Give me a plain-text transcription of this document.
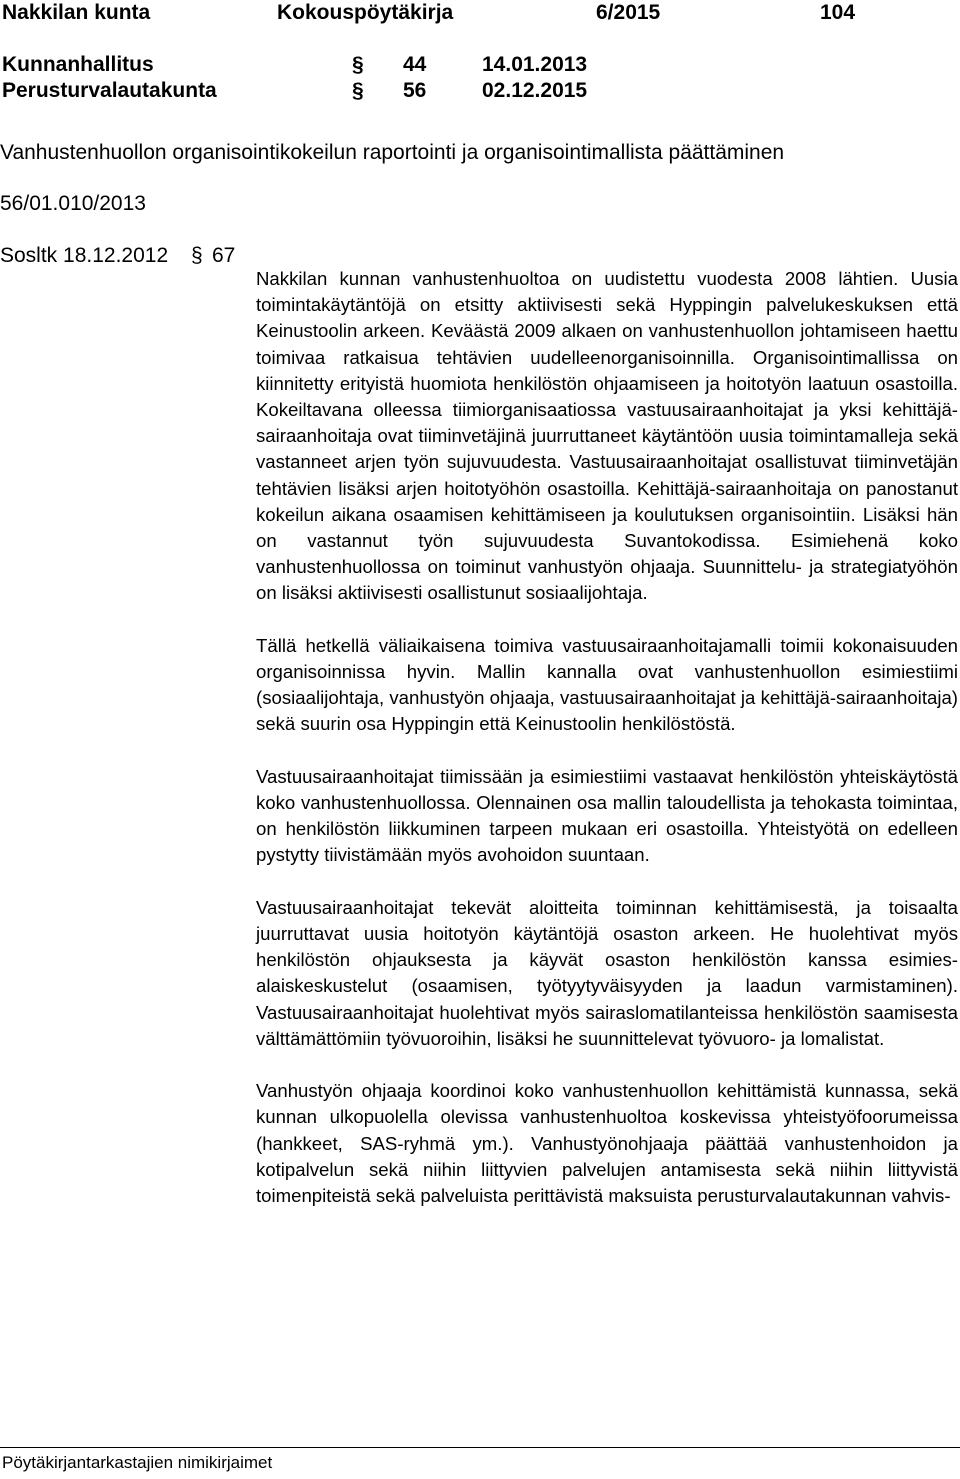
Nakkilan kunta	Kokouspöytäkirja	6/2015	104
Kunnanhallitus	§ 44	14.01.2013
Perusturvalautakunta	§ 56	02.12.2015
Vanhustenhuollon organisointikokeilun raportointi ja organisointimallista päättäminen
56/01.010/2013
Sosltk 18.12.2012 § 67

Nakkilan kunnan vanhustenhuoltoa on uudistettu vuodesta 2008 lähtien. Uusia toimintakäytäntöjä on etsitty aktiivisesti sekä Hyppingin palvelukeskuksen että Keinustoolin arkeen. Keväästä 2009 alkaen on vanhustenhuollon johtamiseen haettu toimivaa ratkaisua tehtävien uudelleenorganisoinnilla. Organisointimallissa on kiinnitetty erityistä huomiota henkilöstön ohjaamiseen ja hoitotyön laatuun osastoilla. Kokeiltavana olleessa tiimiorganisaatiossa vastuusairaanhoitajat ja yksi kehittäjä-sairaanhoitaja ovat tiiminvetäjinä juurruttaneet käytäntöön uusia toimintamalleja sekä vastanneet arjen työn sujuvuudesta. Vastuusairaanhoitajat osallistuvat tiiminvetäjän tehtävien lisäksi arjen hoitotyöhön osastoilla. Kehittäjä-sairaanhoitaja on panostanut kokeilun aikana osaamisen kehittämiseen ja koulutuksen organisointiin. Lisäksi hän on vastannut työn sujuvuudesta Suvantokodissa. Esimiehenä koko vanhustenhuollossa on toiminut vanhustyön ohjaaja. Suunnittelu- ja strategiatyöhön on lisäksi aktiivisesti osallistunut sosiaalijohtaja.

Tällä hetkellä väliaikaisena toimiva vastuusairaanhoitajamalli toimii kokonaisuuden organisoinnissa hyvin. Mallin kannalla ovat vanhustenhuollon esimiestiimi (sosiaalijohtaja, vanhustyön ohjaaja, vastuusairaanhoitajat ja kehittäjä-sairaanhoitaja) sekä suurin osa Hyppingin että Keinustoolin henkilöstöstä.

Vastuusairaanhoitajat tiimissään ja esimiestiimi vastaavat henkilöstön yhteiskäytöstä koko vanhustenhuollossa. Olennainen osa mallin taloudellista ja tehokasta toimintaa, on henkilöstön liikkuminen tarpeen mukaan eri osastoilla. Yhteistyötä on edelleen pystytty tiivistämään myös avohoidon suuntaan.

Vastuusairaanhoitajat tekevät aloitteita toiminnan kehittämisestä, ja toisaalta juurruttavat uusia hoitotyön käytäntöjä osaston arkeen. He huolehtivat myös henkilöstön ohjauksesta ja käyvät osaston henkilöstön kanssa esimies-alaiskeskustelut (osaamisen, työtyytyväisyyden ja laadun varmistaminen). Vastuusairaanhoitajat huolehtivat myös sairaslomatilanteissa henkilöstön saamisesta välttämättömiin työvuoroihin, lisäksi he suunnittelevat työvuoro- ja lomalistat.

Vanhustyön ohjaaja koordinoi koko vanhustenhuollon kehittämistä kunnassa, sekä kunnan ulkopuolella olevissa vanhustenhuoltoa koskevissa yhteistyöfoorumeissa (hankkeet, SAS-ryhmä ym.). Vanhustyönohjaaja päättää vanhustenhoidon ja kotipalvelun sekä niihin liittyvien palvelujen antamisesta sekä niihin liittyvistä toimenpiteistä sekä palveluista perittävistä maksuista perusturvalautakunnan vahvis-

Pöytäkirjantarkastajien nimikirjaimet
